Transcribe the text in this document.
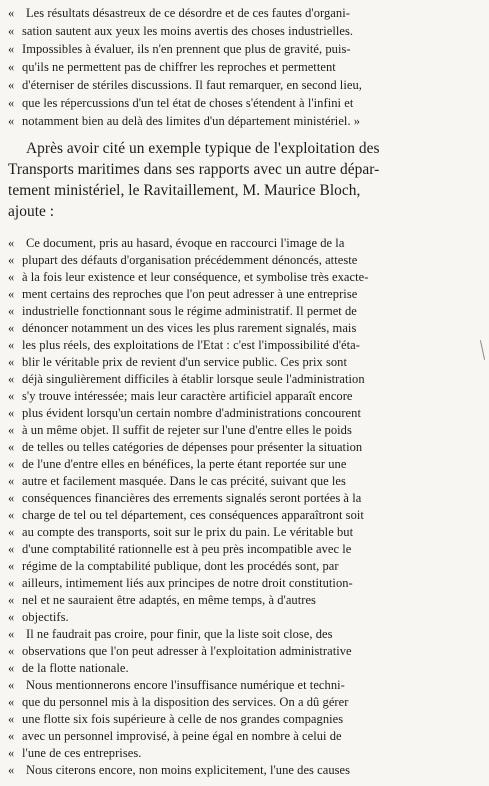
« Les résultats désastreux de ce désordre et de ces fautes d'organi-
« sation sautent aux yeux les moins avertis des choses industrielles.
« Impossibles à évaluer, ils n'en prennent que plus de gravité, puis-
« qu'ils ne permettent pas de chiffrer les reproches et permettent
« d'éterniser de stériles discussions. Il faut remarquer, en second lieu,
« que les répercussions d'un tel état de choses s'étendent à l'infini et
« notamment bien au delà des limites d'un département ministériel. »
Après avoir cité un exemple typique de l'exploitation des
Transports maritimes dans ses rapports avec un autre dépar-
tement ministériel, le Ravitaillement, M. Maurice Bloch,
ajoute :
« Ce document, pris au hasard, évoque en raccourci l'image de la
« plupart des défauts d'organisation précédemment dénoncés, atteste
« à la fois leur existence et leur conséquence, et symbolise très exacte-
« ment certains des reproches que l'on peut adresser à une entreprise
« industrielle fonctionnant sous le régime administratif. Il permet de
« dénoncer notamment un des vices les plus rarement signalés, mais
« les plus réels, des exploitations de l'Etat : c'est l'impossibilité d'éta-
« blir le véritable prix de revient d'un service public. Ces prix sont
« déjà singulièrement difficiles à établir lorsque seule l'administration
« s'y trouve intéressée; mais leur caractère artificiel apparaît encore
« plus évident lorsqu'un certain nombre d'administrations concourent
« à un même objet. Il suffit de rejeter sur l'une d'entre elles le poids
« de telles ou telles catégories de dépenses pour présenter la situation
« de l'une d'entre elles en bénéfices, la perte étant reportée sur une
« autre et facilement masquée. Dans le cas précité, suivant que les
« conséquences financières des errements signalés seront portées à la
« charge de tel ou tel département, ces conséquences apparaîtront soit
« au compte des transports, soit sur le prix du pain. Le véritable but
« d'une comptabilité rationnelle est à peu près incompatible avec le
« régime de la comptabilité publique, dont les procédés sont, par
« ailleurs, intimement liés aux principes de notre droit constitution-
« nel et ne sauraient être adaptés, en même temps, à d'autres
« objectifs.
« Il ne faudrait pas croire, pour finir, que la liste soit close, des
« observations que l'on peut adresser à l'exploitation administrative
« de la flotte nationale.
« Nous mentionnerons encore l'insuffisance numérique et techni-
« que du personnel mis à la disposition des services. On a dû gérer
« une flotte six fois supérieure à celle de nos grandes compagnies
« avec un personnel improvisé, à peine égal en nombre à celui de
« l'une de ces entreprises.
« Nous citerons encore, non moins explicitement, l'une des causes
